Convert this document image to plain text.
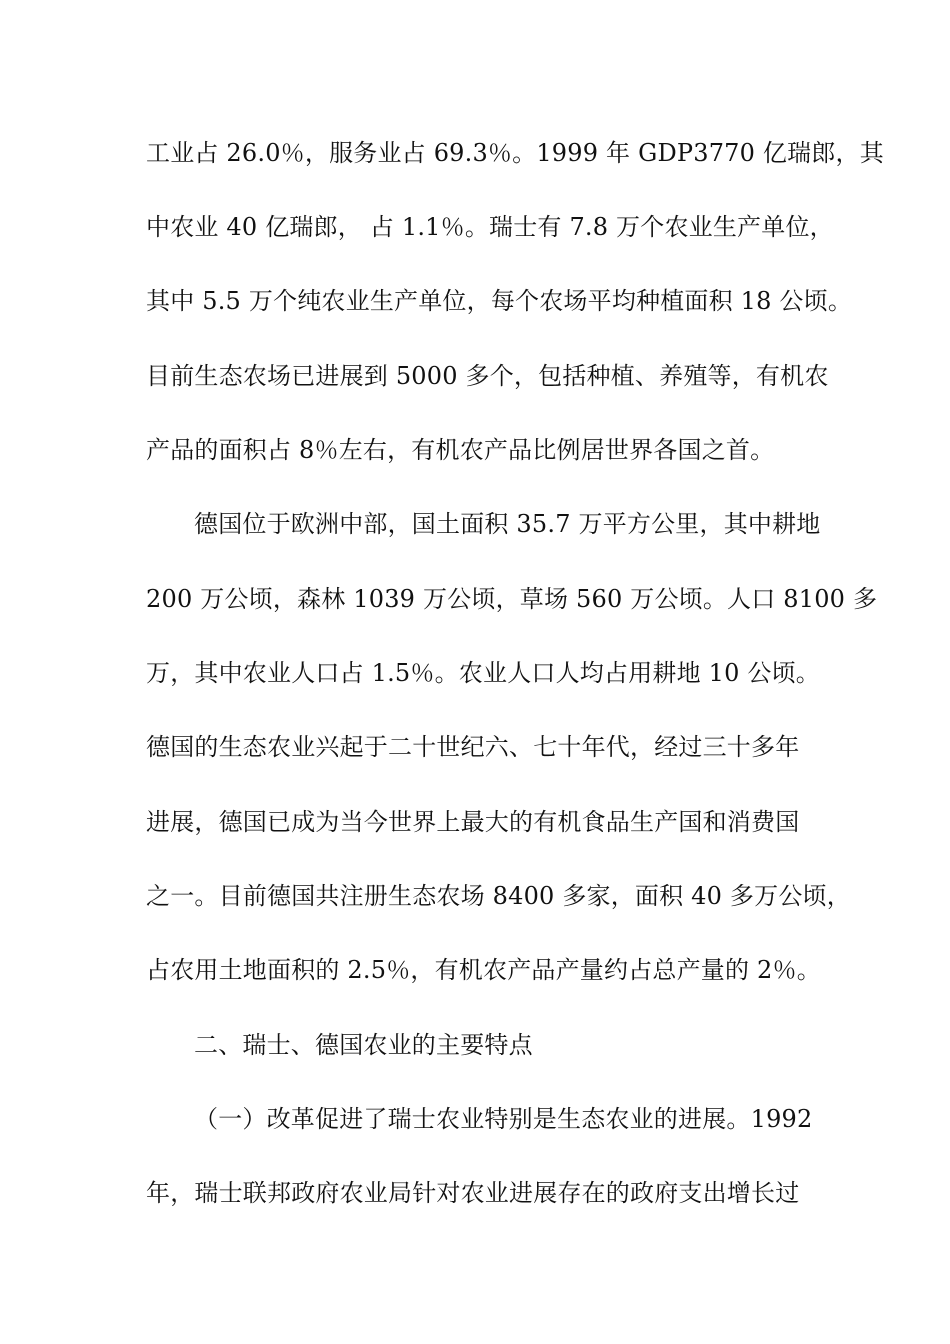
工业占 26.0％，服务业占 69.3％。1999 年 GDP3770 亿瑞郎，其
中农业 40 亿瑞郎， 占 1.1％。瑞士有 7.8 万个农业生产单位，
其中 5.5 万个纯农业生产单位，每个农场平均种植面积 18 公顷。
目前生态农场已进展到 5000 多个，包括种植、养殖等，有机农
产品的面积占 8％左右，有机农产品比例居世界各国之首。
德国位于欧洲中部，国土面积 35.7 万平方公里，其中耕地
200 万公顷，森林 1039 万公顷，草场 560 万公顷。人口 8100 多
万，其中农业人口占 1.5％。农业人口人均占用耕地 10 公顷。
德国的生态农业兴起于二十世纪六、七十年代，经过三十多年
进展，德国已成为当今世界上最大的有机食品生产国和消费国
之一。目前德国共注册生态农场 8400 多家，面积 40 多万公顷，
占农用土地面积的 2.5％，有机农产品产量约占总产量的 2％。
二、瑞士、德国农业的主要特点
（一）改革促进了瑞士农业特别是生态农业的进展。1992
年，瑞士联邦政府农业局针对农业进展存在的政府支出增长过
